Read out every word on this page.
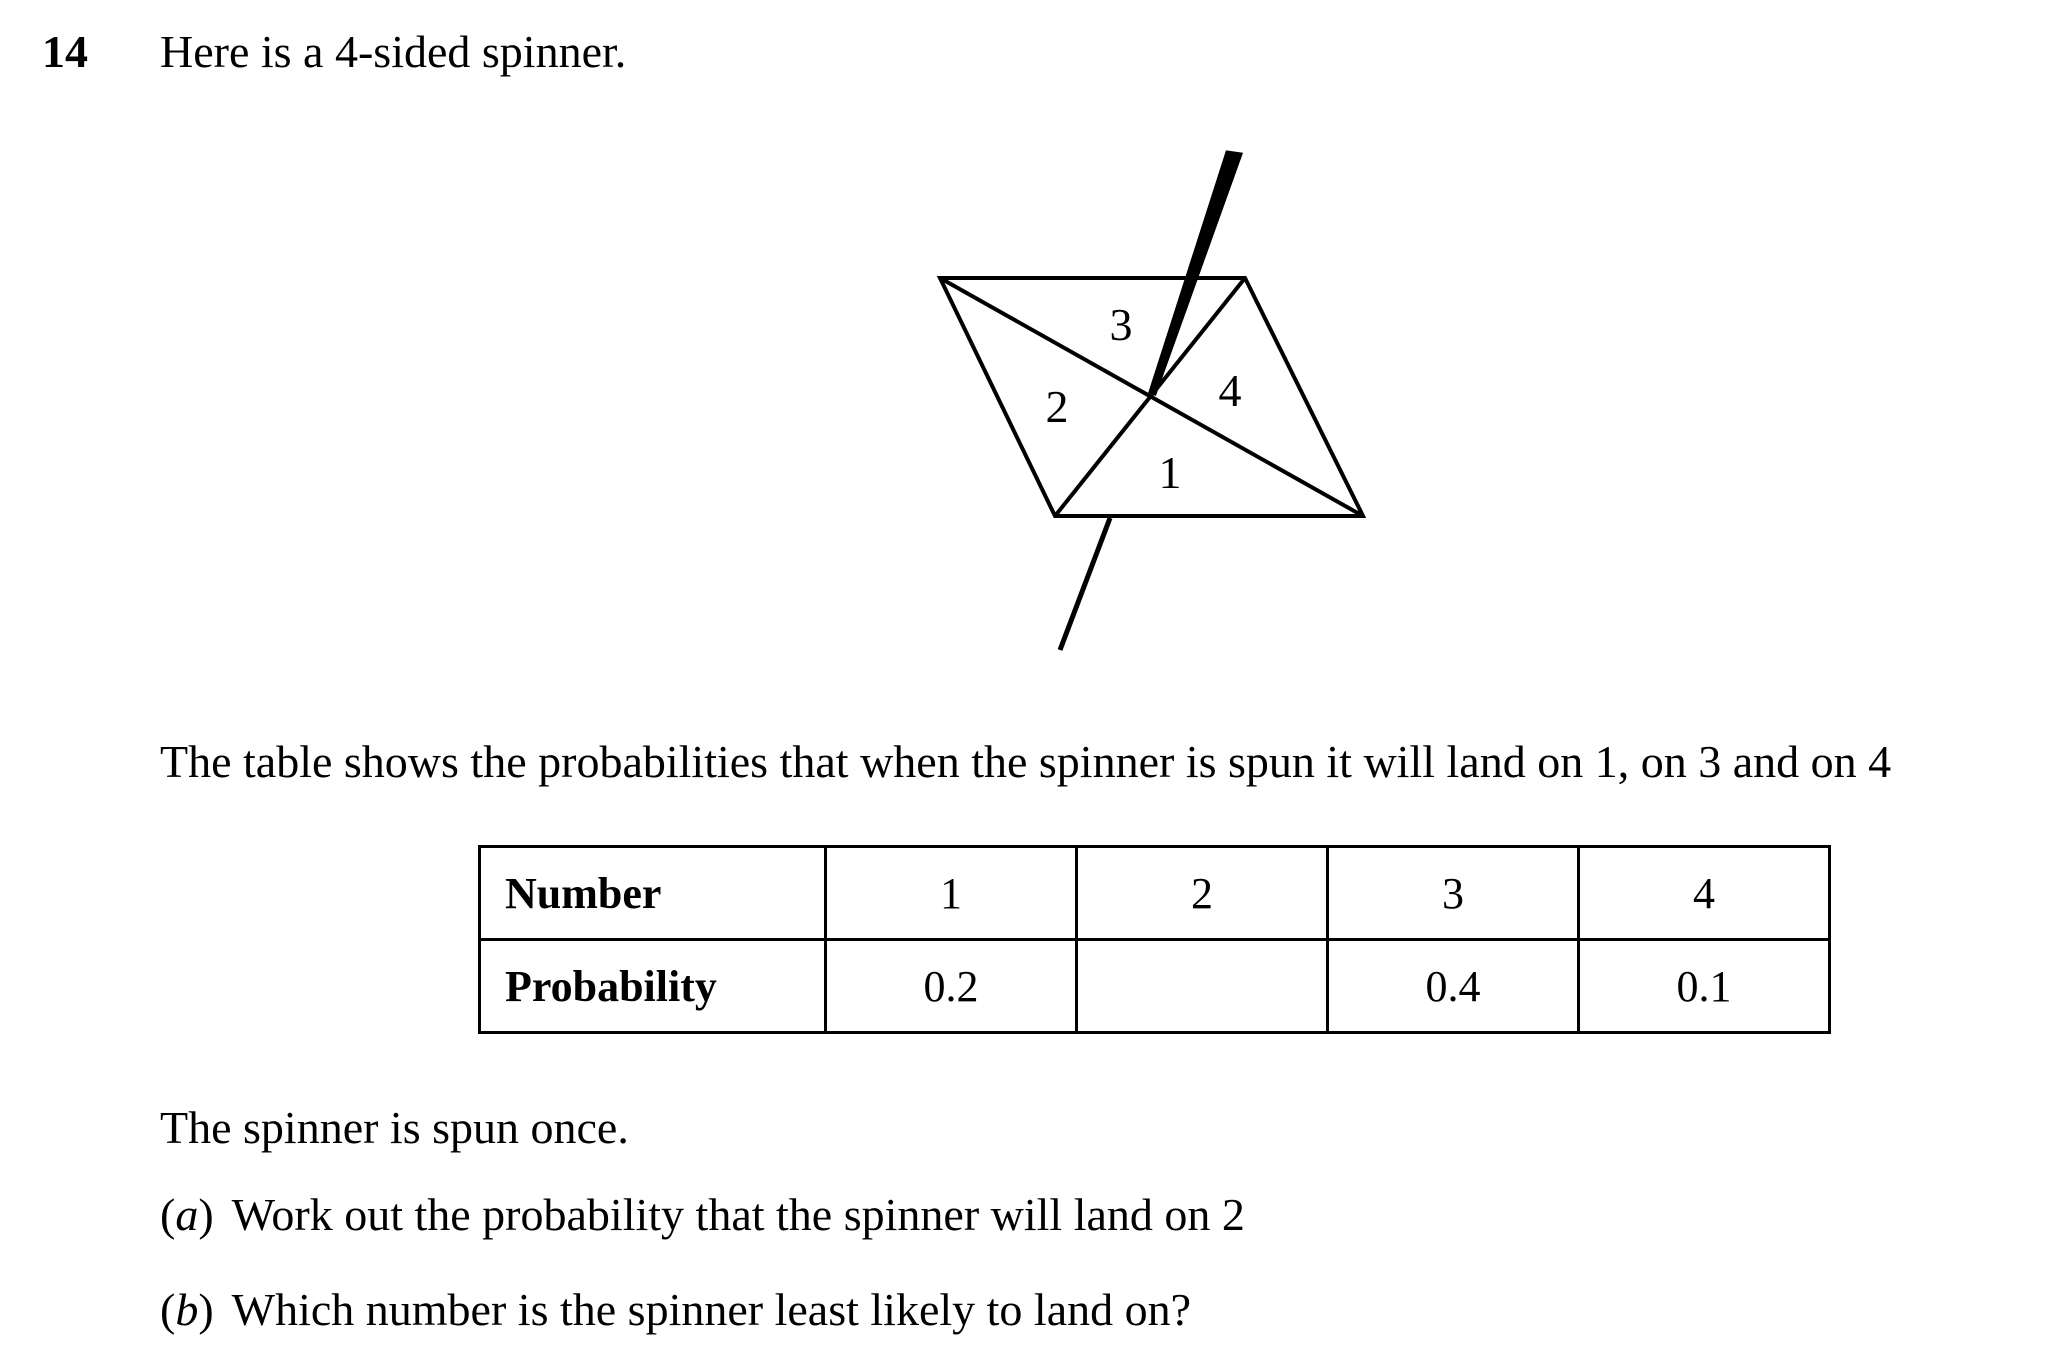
14 Here is a 4-sided spinner.
1
2
3
4
The table shows the probabilities that when the spinner is spun it will land on 1, on 3 and on 4
Number	1	2	3	4
Probability	0.2		0.4	0.1
The spinner is spun once.
(a) Work out the probability that the spinner will land on 2
(b) Which number is the spinner least likely to land on?
